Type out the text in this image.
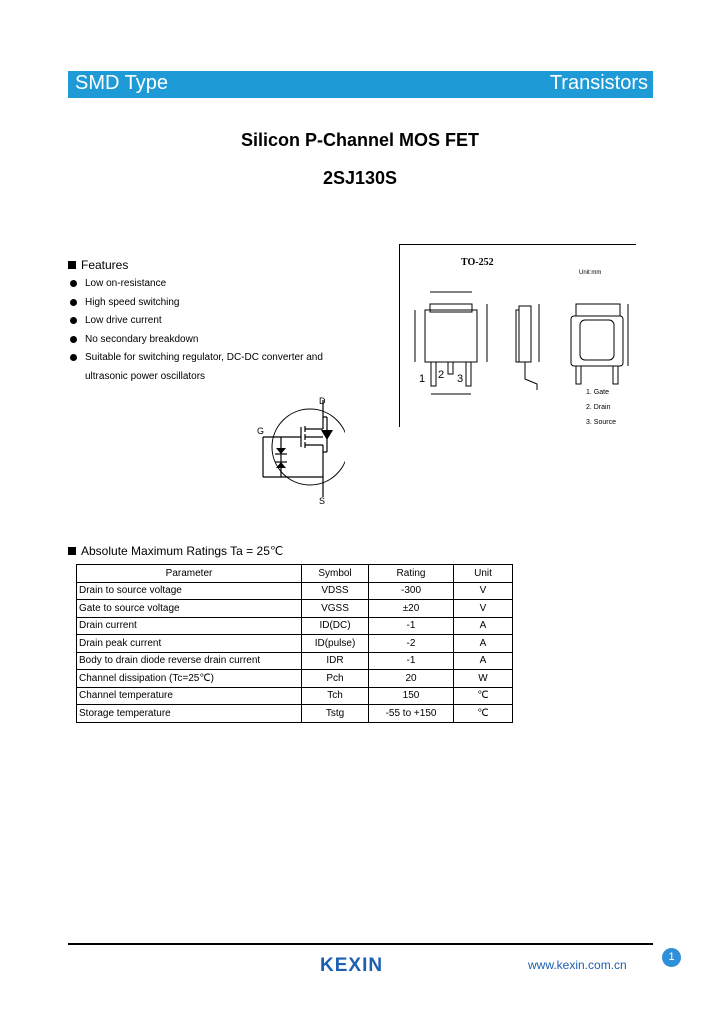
SMD Type	Transistors
Silicon P-Channel MOS FET
2SJ130S
Features
Low on-resistance
High speed switching
Low drive current
No secondary breakdown
Suitable for switching regulator, DC-DC converter and
ultrasonic power oscillators
TO-252
Unit:mm
1 2 3
1. Gate
2. Drain
3. Source
G
D
S
Absolute Maximum Ratings Ta = 25℃
Parameter	Symbol	Rating	Unit
Drain to source voltage	VDSS	-300	V
Gate to source voltage	VGSS	±20	V
Drain current	ID(DC)	-1	A
Drain peak current	ID(pulse)	-2	A
Body to drain diode reverse drain current	IDR	-1	A
Channel dissipation (Tc=25℃)	Pch	20	W
Channel temperature	Tch	150	℃
Storage temperature	Tstg	-55 to +150	℃
KEXIN	www.kexin.com.cn
1
